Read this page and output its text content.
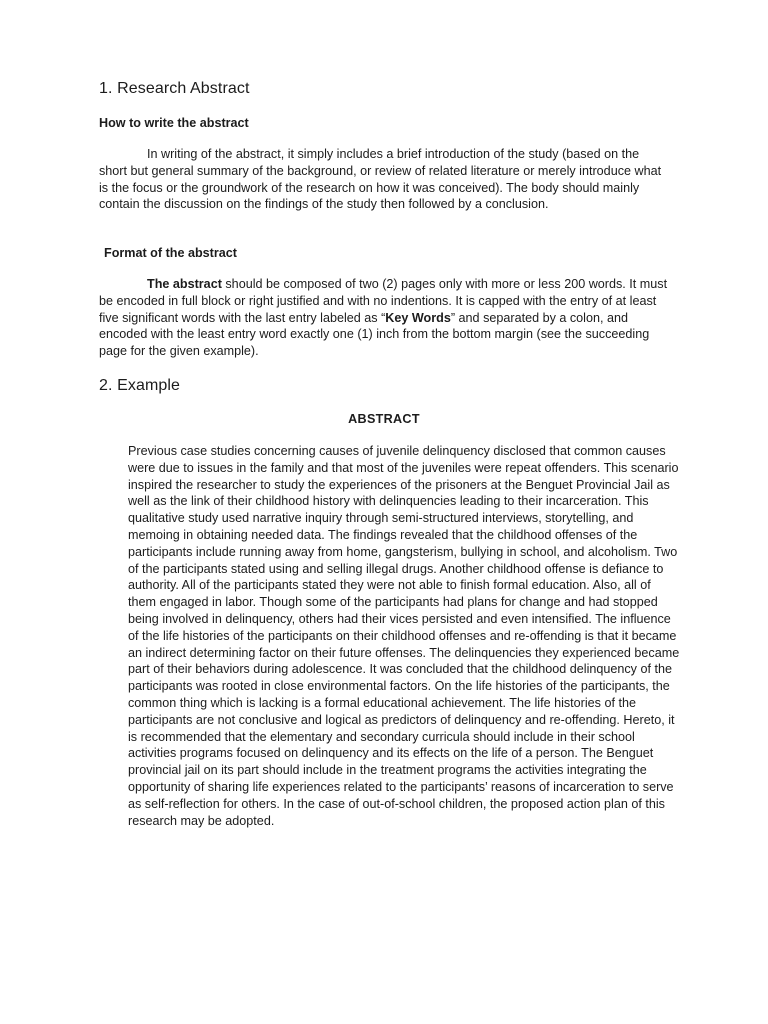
1. Research Abstract

How to write the abstract

In writing of the abstract, it simply includes a brief introduction of the study (based on the short but general summary of the background, or review of related literature or merely introduce what is the focus or the groundwork of the research on how it was conceived). The body should mainly contain the discussion on the findings of the study then followed by a conclusion.

Format of the abstract

The abstract should be composed of two (2) pages only with more or less 200 words. It must be encoded in full block or right justified and with no indentions. It is capped with the entry of at least five significant words with the last entry labeled as “Key Words” and separated by a colon, and encoded with the least entry word exactly one (1) inch from the bottom margin (see the succeeding page for the given example).

2. Example

ABSTRACT

Previous case studies concerning causes of juvenile delinquency disclosed that common causes were due to issues in the family and that most of the juveniles were repeat offenders. This scenario inspired the researcher to study the experiences of the prisoners at the Benguet Provincial Jail as well as the link of their childhood history with delinquencies leading to their incarceration. This qualitative study used narrative inquiry through semi-structured interviews, storytelling, and memoing in obtaining needed data. The findings revealed that the childhood offenses of the participants include running away from home, gangsterism, bullying in school, and alcoholism. Two of the participants stated using and selling illegal drugs. Another childhood offense is defiance to authority. All of the participants stated they were not able to finish formal education. Also, all of them engaged in labor. Though some of the participants had plans for change and had stopped being involved in delinquency, others had their vices persisted and even intensified. The influence of the life histories of the participants on their childhood offenses and re-offending is that it became an indirect determining factor on their future offenses. The delinquencies they experienced became part of their behaviors during adolescence. It was concluded that the childhood delinquency of the participants was rooted in close environmental factors. On the life histories of the participants, the common thing which is lacking is a formal educational achievement. The life histories of the participants are not conclusive and logical as predictors of delinquency and re-offending. Hereto, it is recommended that the elementary and secondary curricula should include in their school activities programs focused on delinquency and its effects on the life of a person. The Benguet provincial jail on its part should include in the treatment programs the activities integrating the opportunity of sharing life experiences related to the participants’ reasons of incarceration to serve as self-reflection for others. In the case of out-of-school children, the proposed action plan of this research may be adopted.
